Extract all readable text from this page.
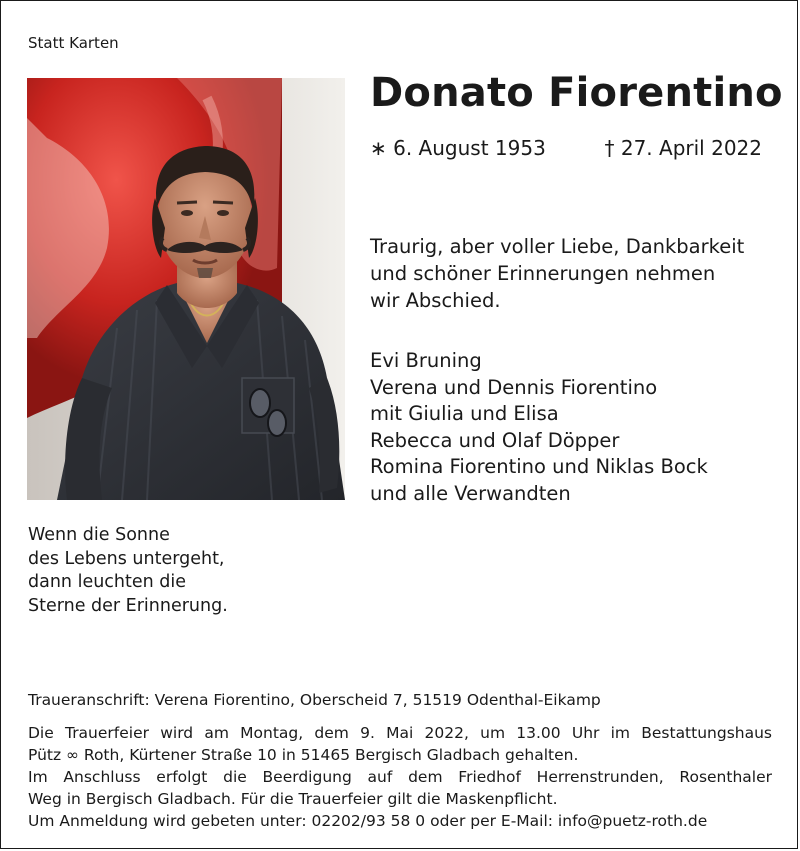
Statt Karten
Donato Fiorentino
∗ 6. August 1953	† 27. April 2022
Traurig, aber voller Liebe, Dankbarkeit
und schöner Erinnerungen nehmen
wir Abschied.
Evi Bruning
Verena und Dennis Fiorentino
mit Giulia und Elisa
Rebecca und Olaf Döpper
Romina Fiorentino und Niklas Bock
und alle Verwandten
Wenn die Sonne
des Lebens untergeht,
dann leuchten die
Sterne der Erinnerung.
Traueranschrift: Verena Fiorentino, Oberscheid 7, 51519 Odenthal-Eikamp
Die Trauerfeier wird am Montag, dem 9. Mai 2022, um 13.00 Uhr im Bestattungshaus
Pütz ∞ Roth, Kürtener Straße 10 in 51465 Bergisch Gladbach gehalten.
Im Anschluss erfolgt die Beerdigung auf dem Friedhof Herrenstrunden, Rosenthaler
Weg in Bergisch Gladbach. Für die Trauerfeier gilt die Maskenpflicht.
Um Anmeldung wird gebeten unter: 02202/93 58 0 oder per E-Mail: info@puetz-roth.de
